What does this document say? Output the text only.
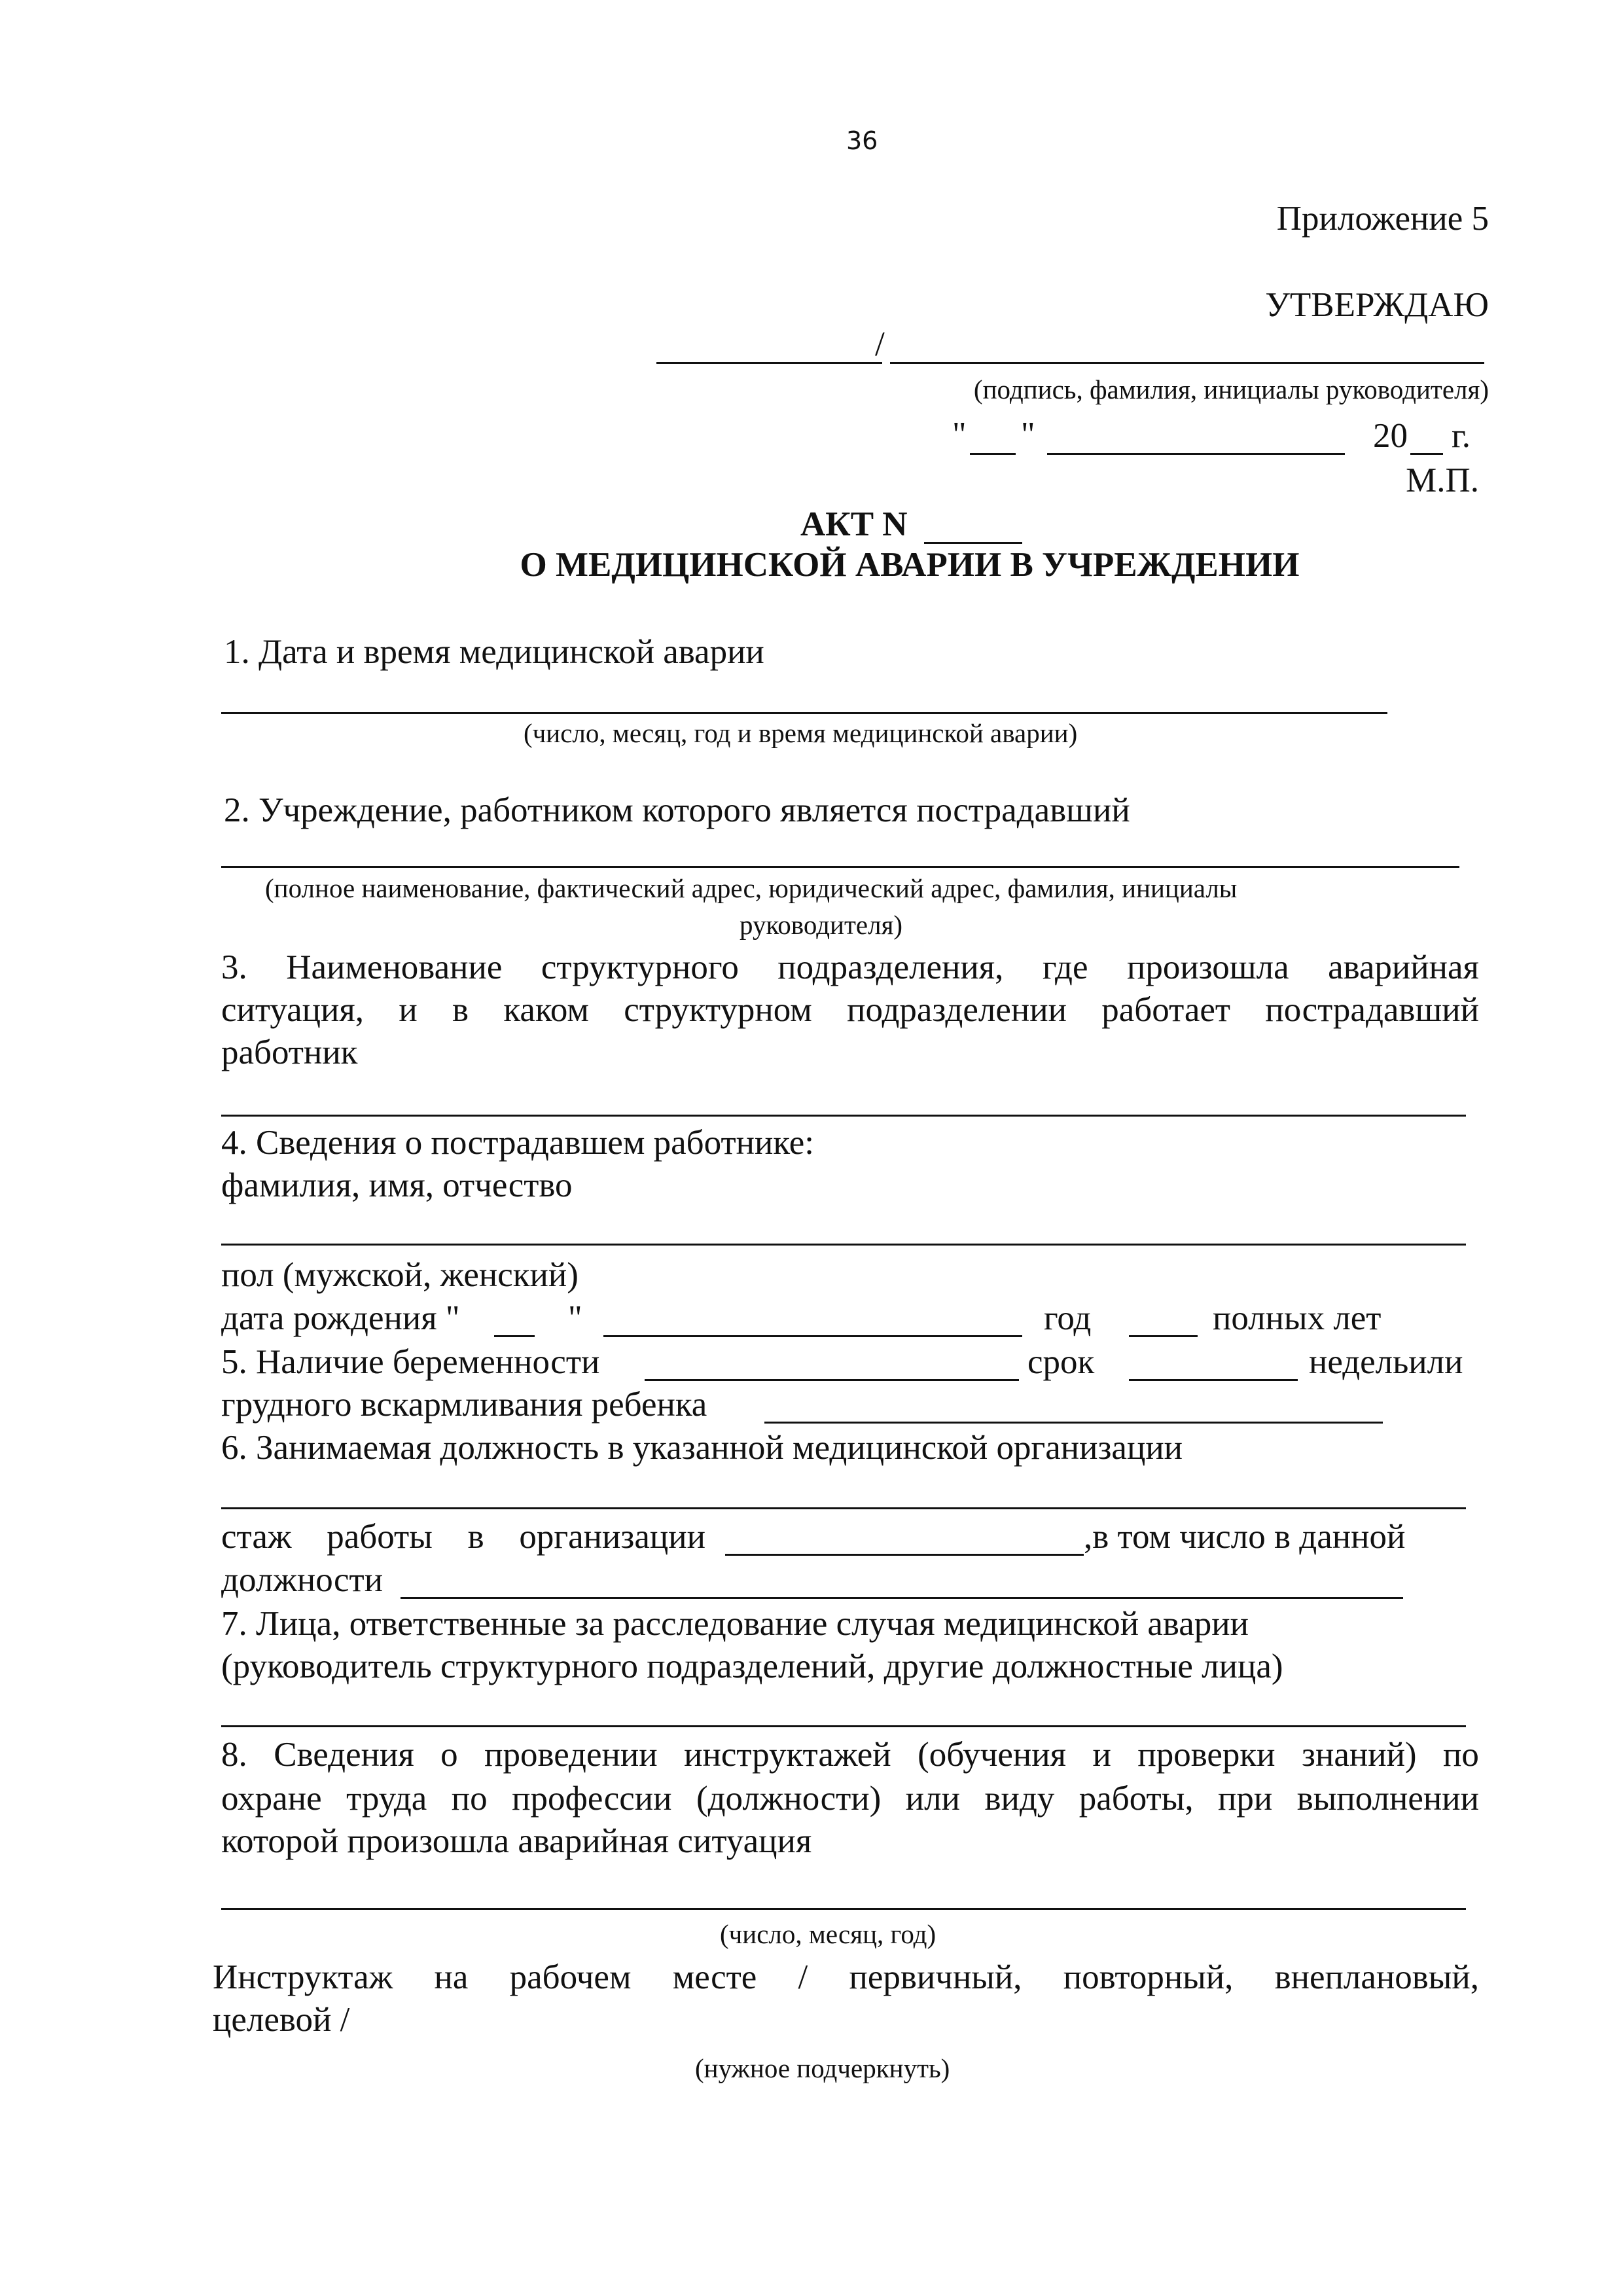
36
Приложение 5
УТВЕРЖДАЮ
/
(подпись, фамилия, инициалы руководителя)
" "	20 г.
М.П.
АКТ N
О МЕДИЦИНСКОЙ АВАРИИ В УЧРЕЖДЕНИИ
1. Дата и время медицинской аварии
(число, месяц, год и время медицинской аварии)
2. Учреждение, работником которого является пострадавший
(полное наименование, фактический адрес, юридический адрес, фамилия, инициалы
руководителя)
3. Наименование структурного подразделения, где произошла аварийная
ситуация, и в каком структурном подразделении работает пострадавший
работник
4. Сведения о пострадавшем работнике:
фамилия, имя, отчество
пол (мужской, женский)
дата рождения "	"	год	полных лет
5. Наличие беременности	срок	недельили
грудного вскармливания ребенка
6. Занимаемая должность в указанной медицинской организации
стаж работы в организации	,в том число в данной
должности
7. Лица, ответственные за расследование случая медицинской аварии
(руководитель структурного подразделений, другие должностные лица)
8. Сведения о проведении инструктажей (обучения и проверки знаний) по
охране труда по профессии (должности) или виду работы, при выполнении
которой произошла аварийная ситуация
(число, месяц, год)
Инструктаж на рабочем месте / первичный, повторный, внеплановый,
целевой /
(нужное подчеркнуть)
